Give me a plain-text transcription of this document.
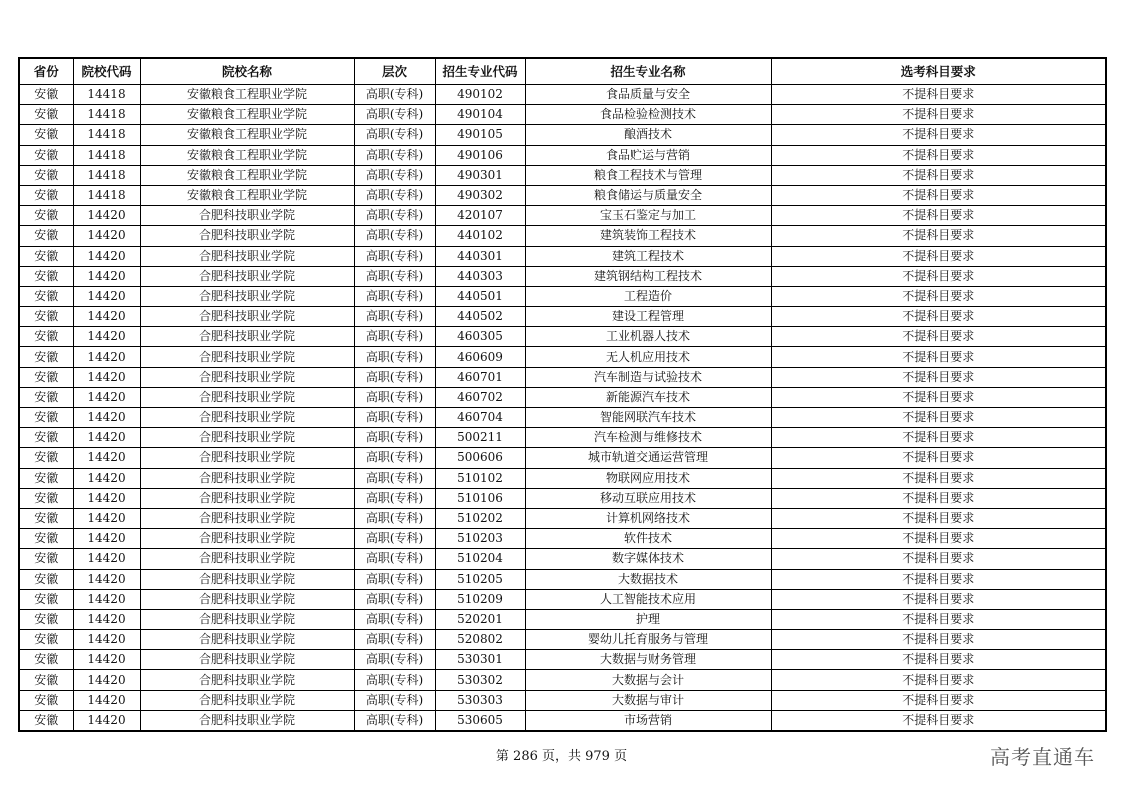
省份	院校代码	院校名称	层次	招生专业代码	招生专业名称	选考科目要求
安徽	14418	安徽粮食工程职业学院	高职(专科)	490102	食品质量与安全	不提科目要求
安徽	14418	安徽粮食工程职业学院	高职(专科)	490104	食品检验检测技术	不提科目要求
安徽	14418	安徽粮食工程职业学院	高职(专科)	490105	酿酒技术	不提科目要求
安徽	14418	安徽粮食工程职业学院	高职(专科)	490106	食品贮运与营销	不提科目要求
安徽	14418	安徽粮食工程职业学院	高职(专科)	490301	粮食工程技术与管理	不提科目要求
安徽	14418	安徽粮食工程职业学院	高职(专科)	490302	粮食储运与质量安全	不提科目要求
安徽	14420	合肥科技职业学院	高职(专科)	420107	宝玉石鉴定与加工	不提科目要求
安徽	14420	合肥科技职业学院	高职(专科)	440102	建筑装饰工程技术	不提科目要求
安徽	14420	合肥科技职业学院	高职(专科)	440301	建筑工程技术	不提科目要求
安徽	14420	合肥科技职业学院	高职(专科)	440303	建筑钢结构工程技术	不提科目要求
安徽	14420	合肥科技职业学院	高职(专科)	440501	工程造价	不提科目要求
安徽	14420	合肥科技职业学院	高职(专科)	440502	建设工程管理	不提科目要求
安徽	14420	合肥科技职业学院	高职(专科)	460305	工业机器人技术	不提科目要求
安徽	14420	合肥科技职业学院	高职(专科)	460609	无人机应用技术	不提科目要求
安徽	14420	合肥科技职业学院	高职(专科)	460701	汽车制造与试验技术	不提科目要求
安徽	14420	合肥科技职业学院	高职(专科)	460702	新能源汽车技术	不提科目要求
安徽	14420	合肥科技职业学院	高职(专科)	460704	智能网联汽车技术	不提科目要求
安徽	14420	合肥科技职业学院	高职(专科)	500211	汽车检测与维修技术	不提科目要求
安徽	14420	合肥科技职业学院	高职(专科)	500606	城市轨道交通运营管理	不提科目要求
安徽	14420	合肥科技职业学院	高职(专科)	510102	物联网应用技术	不提科目要求
安徽	14420	合肥科技职业学院	高职(专科)	510106	移动互联应用技术	不提科目要求
安徽	14420	合肥科技职业学院	高职(专科)	510202	计算机网络技术	不提科目要求
安徽	14420	合肥科技职业学院	高职(专科)	510203	软件技术	不提科目要求
安徽	14420	合肥科技职业学院	高职(专科)	510204	数字媒体技术	不提科目要求
安徽	14420	合肥科技职业学院	高职(专科)	510205	大数据技术	不提科目要求
安徽	14420	合肥科技职业学院	高职(专科)	510209	人工智能技术应用	不提科目要求
安徽	14420	合肥科技职业学院	高职(专科)	520201	护理	不提科目要求
安徽	14420	合肥科技职业学院	高职(专科)	520802	婴幼儿托育服务与管理	不提科目要求
安徽	14420	合肥科技职业学院	高职(专科)	530301	大数据与财务管理	不提科目要求
安徽	14420	合肥科技职业学院	高职(专科)	530302	大数据与会计	不提科目要求
安徽	14420	合肥科技职业学院	高职(专科)	530303	大数据与审计	不提科目要求
安徽	14420	合肥科技职业学院	高职(专科)	530605	市场营销	不提科目要求
第 286 页，共 979 页	高考直通车
